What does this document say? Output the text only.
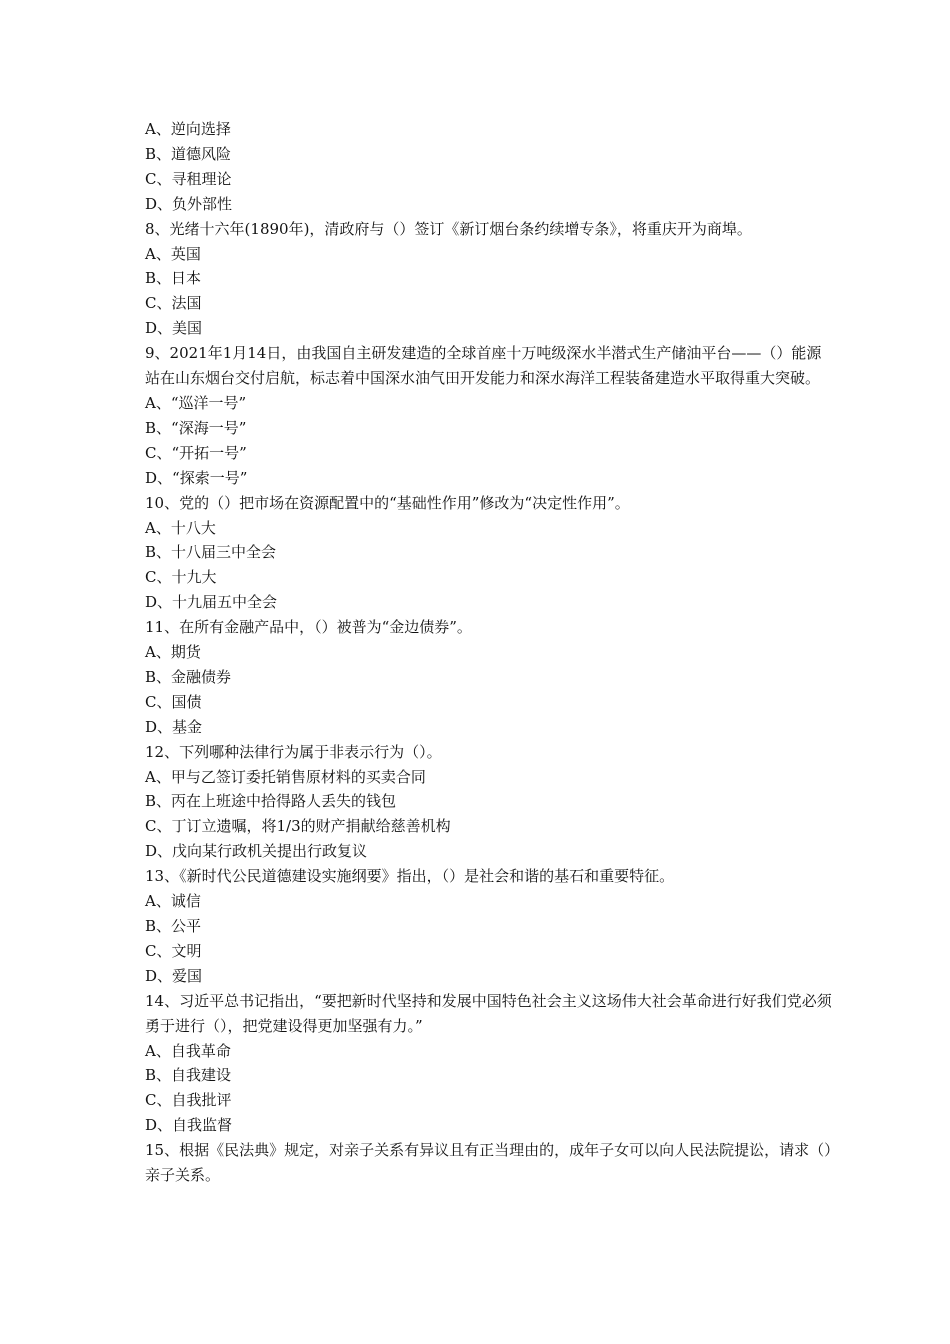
A、逆向选择
B、道德风险
C、寻租理论
D、负外部性
8、光绪十六年(1890年)，清政府与（）签订《新订烟台条约续增专条》，将重庆开为商埠。
A、英国
B、日本
C、法国
D、美国
9、2021年1月14日，由我国自主研发建造的全球首座十万吨级深水半潜式生产储油平台——（）能源站在山东烟台交付启航，标志着中国深水油气田开发能力和深水海洋工程装备建造水平取得重大突破。
A、“巡洋一号”
B、“深海一号”
C、“开拓一号”
D、“探索一号”
10、党的（）把市场在资源配置中的“基础性作用”修改为“决定性作用”。
A、十八大
B、十八届三中全会
C、十九大
D、十九届五中全会
11、在所有金融产品中，（）被普为“金边债券”。
A、期货
B、金融债券
C、国债
D、基金
12、下列哪种法律行为属于非表示行为（）。
A、甲与乙签订委托销售原材料的买卖合同
B、丙在上班途中拾得路人丢失的钱包
C、丁订立遗嘱，将1/3的财产捐献给慈善机构
D、戊向某行政机关提出行政复议
13、《新时代公民道德建设实施纲要》指出，（）是社会和谐的基石和重要特征。
A、诚信
B、公平
C、文明
D、爱国
14、习近平总书记指出，“要把新时代坚持和发展中国特色社会主义这场伟大社会革命进行好我们党必须勇于进行（），把党建设得更加坚强有力。”
A、自我革命
B、自我建设
C、自我批评
D、自我监督
15、根据《民法典》规定，对亲子关系有异议且有正当理由的，成年子女可以向人民法院提讼，请求（）亲子关系。
